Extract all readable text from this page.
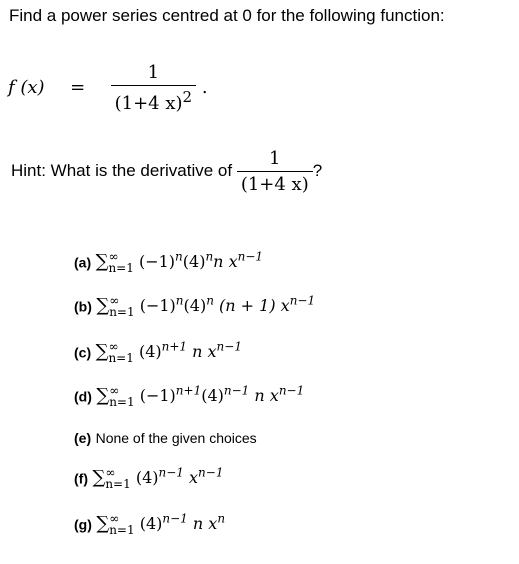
Find a power series centred at 0 for the following function:
f $(x) = \frac{1}{(1+4 x)^2}$ .
Hint: What is the derivative of $\frac{1}{(1+4 x)}$ ?
(a) $\sum^\infty_{n=1}$ $(-1)^n(4)^nn$ $x^{n-1}$
(b) $\sum^\infty_{n=1}$ $(-1)^n(4)^n$ (n + 1) $x^{n-1}$
(c) $\sum^\infty_{n=1}$ $(4)^{n+1}$ n $x^{n-1}$
(d) $\sum^\infty_{n=1}$ $(-1)^{n+1}(4)^{n-1}$ n $x^{n-1}$
(e) None of the given choices
(f) $\sum^\infty_{n=1}$ $(4)^{n-1}$ $x^{n-1}$
(g) $\sum^\infty_{n=1}$ $(4)^{n-1}$ n $x^n$
